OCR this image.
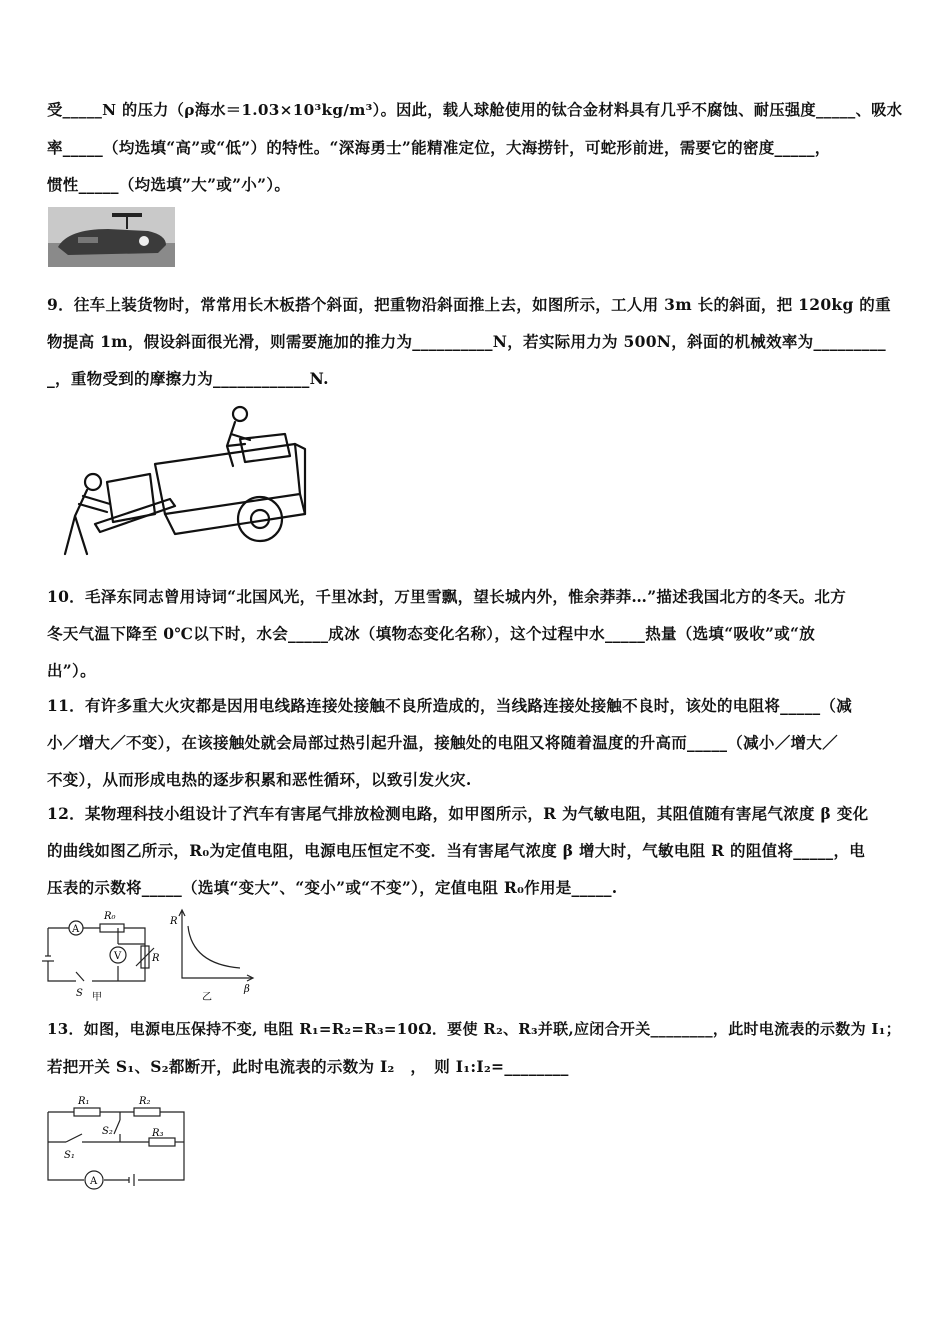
受_____N 的压力（ρ海水＝1.03×10³kg/m³）。因此，载人球舱使用的钛合金材料具有几乎不腐蚀、耐压强度_____、吸水
率_____（均选填“高”或“低”）的特性。“深海勇士”能精准定位，大海捞针，可蛇形前进，需要它的密度_____，
惯性_____（均选填”大”或”小”）。
9．往车上装货物时，常常用长木板搭个斜面，把重物沿斜面推上去，如图所示，工人用 3m 长的斜面，把 120kg 的重
物提高 1m，假设斜面很光滑，则需要施加的推力为__________N，若实际用力为 500N，斜面的机械效率为_________
_，重物受到的摩擦力为____________N.
10．毛泽东同志曾用诗词“北国风光，千里冰封，万里雪飘，望长城内外，惟余莽莽…”描述我国北方的冬天。北方
冬天气温下降至 0℃以下时，水会_____成冰（填物态变化名称），这个过程中水_____热量（选填“吸收”或“放
出”）。
11．有许多重大火灾都是因用电线路连接处接触不良所造成的，当线路连接处接触不良时，该处的电阻将_____（减
小／增大／不变），在该接触处就会局部过热引起升温，接触处的电阻又将随着温度的升高而_____（减小／增大／
不变），从而形成电热的逐步积累和恶性循环，以致引发火灾.
12．某物理科技小组设计了汽车有害尾气排放检测电路，如甲图所示，R 为气敏电阻，其阻值随有害尾气浓度 β 变化
的曲线如图乙所示，R₀为定值电阻，电源电压恒定不变．当有害尾气浓度 β 增大时，气敏电阻 R 的阻值将_____，电
压表的示数将_____（选填“变大”、“变小”或“不变”），定值电阻 R₀作用是_____.
A
V
R₀
R
S 甲
R
β
乙
13．如图，电源电压保持不变, 电阻 R₁=R₂=R₃=10Ω．要使 R₂、R₃并联,应闭合开关________，此时电流表的示数为 I₁；
若把开关 S₁、S₂都断开，此时电流表的示数为 I₂　，　则 I₁:I₂=________
A
R₁	R₂
R₃
S₂
S₁
